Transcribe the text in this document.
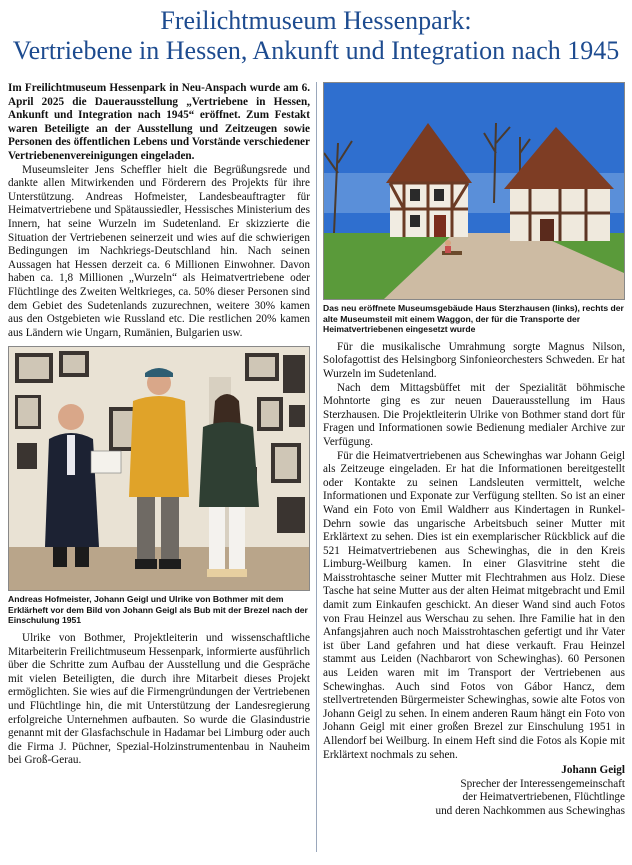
Freilichtmuseum Hessenpark:
Vertriebene in Hessen, Ankunft und Integration nach 1945

Im Freilichtmuseum Hessenpark in Neu-Anspach wurde am 6. April 2025 die Dauerausstellung „Vertriebene in Hessen, Ankunft und Integration nach 1945“ eröffnet. Zum Festakt waren Beteiligte an der Ausstellung und Zeitzeugen sowie Personen des öffentlichen Lebens und Vorstände verschiedener Vertriebenenvereinigungen eingeladen.

Museumsleiter Jens Scheffler hielt die Begrüßungsrede und dankte allen Mitwirkenden und Förderern des Projekts für ihre Unterstützung. Andreas Hofmeister, Landesbeauftragter für Heimatvertriebene und Spätaussiedler, Hessisches Ministerium des Innern, hat seine Wurzeln im Sudetenland. Er skizzierte die Situation der Vertriebenen seinerzeit und wies auf die schwierigen Bedingungen im Nachkriegs-Deutschland hin. Nach seinen Aussagen hat Hessen derzeit ca. 6 Millionen Einwohner. Davon haben ca. 1,8 Millionen „Wurzeln“ als Heimatvertriebene oder Flüchtlinge des Zweiten Weltkrieges, ca. 50% dieser Personen sind dem Gebiet des Sudetenlands zuzurechnen, weitere 30% kamen aus den Ostgebieten wie Russland etc. Die restlichen 20% kamen aus Ländern wie Ungarn, Rumänien, Bulgarien usw.

Andreas Hofmeister, Johann Geigl und Ulrike von Bothmer mit dem Erklärheft vor dem Bild von Johann Geigl als Bub mit der Brezel nach der Einschulung 1951

Ulrike von Bothmer, Projektleiterin und wissenschaftliche Mitarbeiterin Freilichtmuseum Hessenpark, informierte ausführlich über die Schritte zum Aufbau der Ausstellung und die Gespräche mit vielen Beteiligten, die durch ihre Mitarbeit dieses Projekt ermöglichten. Sie wies auf die Firmengründungen der Vertriebenen und Flüchtlinge hin, die mit Unterstützung der Landesregierung erfolgreiche Unternehmen aufbauten. So wurde die Glasindustrie genannt mit der Glasfachschule in Hadamar bei Limburg oder auch die Firma J. Püchner, Spezial-Holzinstrumentenbau in Nauheim bei Groß-Gerau.

Das neu eröffnete Museumsgebäude Haus Sterzhausen (links), rechts der alte Museumsteil mit einem Waggon, der für die Transporte der Heimatvertriebenen eingesetzt wurde

Für die musikalische Umrahmung sorgte Magnus Nilson, Solofagottist des Helsingborg Sinfonieorchesters Schweden. Er hat Wurzeln im Sudetenland.

Nach dem Mittagsbüffet mit der Spezialität böhmische Mohntorte ging es zur neuen Dauerausstellung im Haus Sterzhausen. Die Projektleiterin Ulrike von Bothmer stand dort für Fragen und Informationen sowie Bedienung medialer Archive zur Verfügung.

Für die Heimatvertriebenen aus Schewinghas war Johann Geigl als Zeitzeuge eingeladen. Er hat die Informationen bereitgestellt oder Kontakte zu seinen Landsleuten vermittelt, welche Informationen und Exponate zur Verfügung stellten. So ist an einer Wand ein Foto von Emil Waldherr aus Kindertagen in Runkel-Dehrn sowie das ungarische Arbeitsbuch seiner Mutter mit Erklärtext zu sehen. Dies ist ein exemplarischer Rückblick auf die 521 Heimatvertriebenen aus Schewinghas, die in den Kreis Limburg-Weilburg kamen. In einer Glasvitrine steht die Maisstrohtasche seiner Mutter mit Flechtrahmen aus Holz. Diese Tasche hat seine Mutter aus der alten Heimat mitgebracht und Emil damit zum Einkaufen geschickt. An dieser Wand sind auch Fotos von Frau Heinzel aus Werschau zu sehen. Ihre Familie hat in den Anfangsjahren auch noch Maisstrohtaschen gefertigt und ihr Vater ist über Land gefahren und hat diese verkauft. Frau Heinzel stammt aus Leiden (Nachbarort von Schewinghas). 60 Personen aus Leiden waren mit im Transport der Vertriebenen aus Schewinghas. Auch sind Fotos von Gábor Hancz, dem stellvertretenden Bürgermeister Schewinghas, sowie alte Fotos von Johann Geigl zu sehen. In einem anderen Raum hängt ein Foto von Johann Geigl mit einer großen Brezel zur Einschulung 1951 in Allendorf bei Weilburg. In einem Heft sind die Fotos als Kopie mit Erklärtext nochmals zu sehen.

Johann Geigl
Sprecher der Interessengemeinschaft
der Heimatvertriebenen, Flüchtlinge
und deren Nachkommen aus Schewinghas
